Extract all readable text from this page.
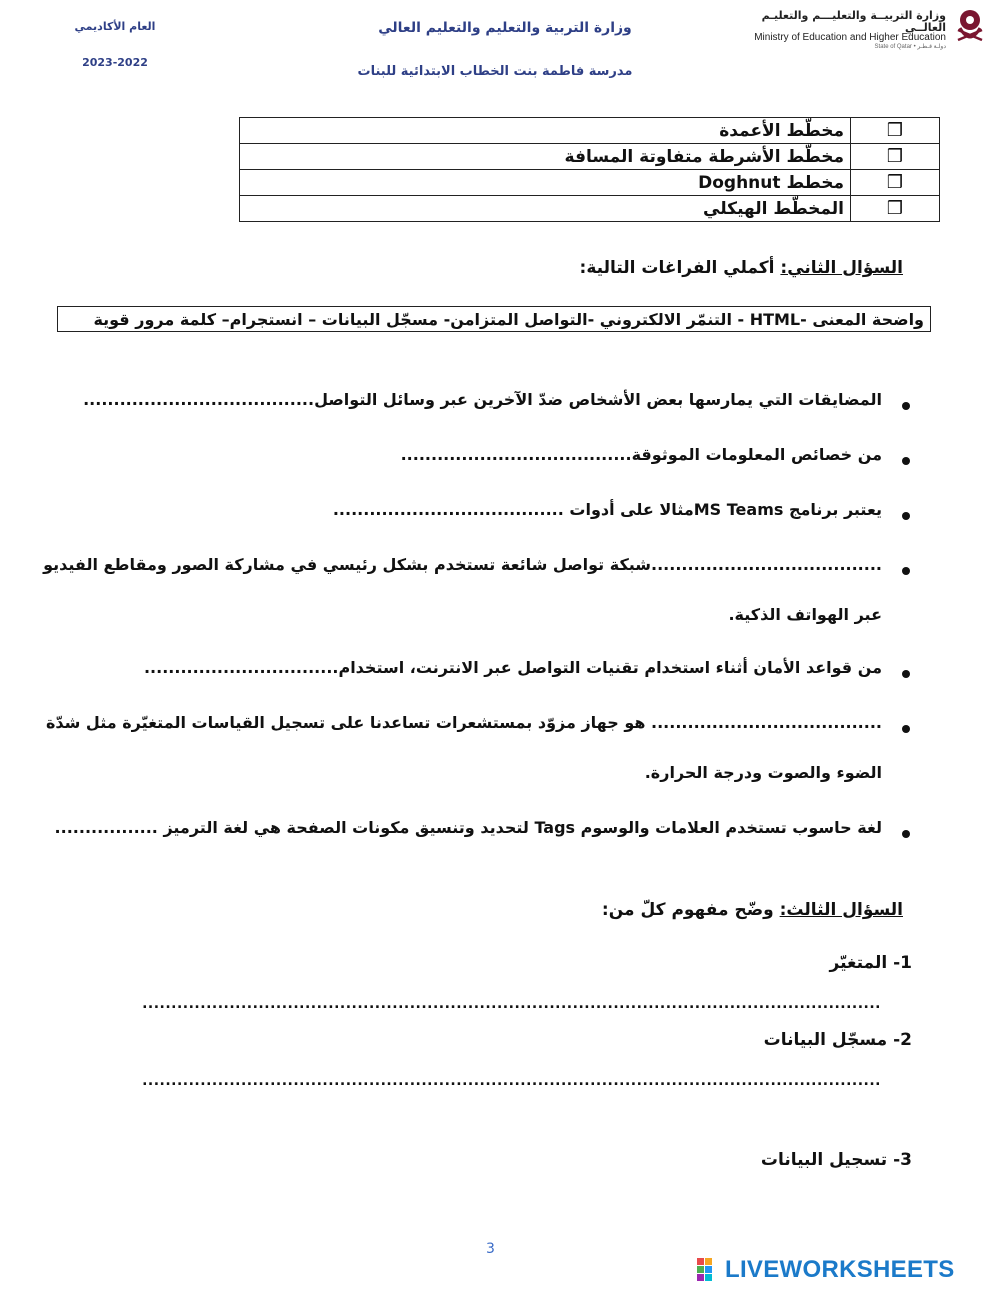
وزارة التربيــة والتعليـــم والتعليـم العالــي
Ministry of Education and Higher Education
State of Qatar • دولـة قـطـر
وزارة التربية والتعليم والتعليم العالي
مدرسة فاطمة بنت الخطاب الابتدائية للبنات
العام الأكاديمي
2023-2022
❒	مخطّط الأعمدة
❒	مخطّط الأشرطة متفاوتة المسافة
❒	مخطط Doghnut
❒	المخطّط الهيكلي
السؤال الثاني: أكملي الفراغات التالية:
واضحة المعنى -HTML - التنمّر الالكتروني -التواصل المتزامن- مسجّل البيانات – انستجرام– كلمة مرور قوية
المضايقات التي يمارسها بعض الأشخاص ضدّ الآخرين عبر وسائل التواصل......................................
من خصائص المعلومات الموثوقة......................................
يعتبر برنامج MS Teamsمثالا على أدوات ......................................
......................................شبكة تواصل شائعة تستخدم بشكل رئيسي في مشاركة الصور ومقاطع الفيديو
عبر الهواتف الذكية.
من قواعد الأمان أثناء استخدام تقنيات التواصل عبر الانترنت، استخدام................................
...................................... هو جهاز مزوّد بمستشعرات تساعدنا على تسجيل القياسات المتغيّرة مثل شدّة
الضوء والصوت ودرجة الحرارة.
لغة حاسوب تستخدم العلامات والوسوم Tags لتحديد وتنسيق مكونات الصفحة هي لغة الترميز .................
السؤال الثالث: وضّح مفهوم كلّ من:
1- المتغيّر
...............................................................................................................................
2- مسجّل البيانات
...............................................................................................................................
3- تسجيل البيانات
3
LIVEWORKSHEETS
